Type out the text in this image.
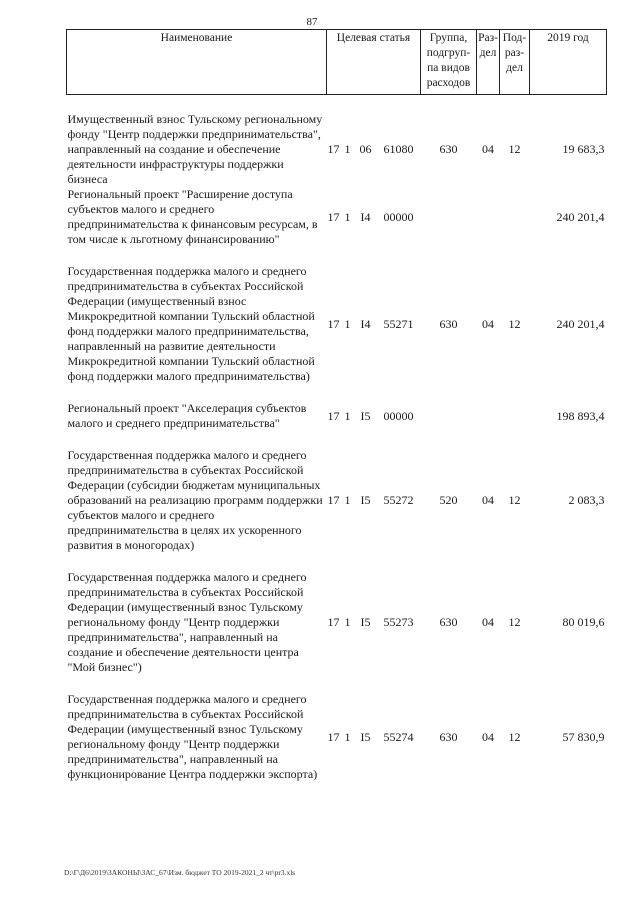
87
Наименование	Целевая статья				Группа, подгруп- па видов расходов	Раз- дел	Под- раз- дел	2019 год

Имущественный взнос Тульскому региональному фонду "Центр поддержки предпринимательства", направленный на создание и обеспечение деятельности инфраструктуры поддержки бизнеса	17	1	06	61080	630	04	12	19 683,3
Региональный проект "Расширение доступа субъектов малого и среднего предпринимательства к финансовым ресурсам, в том числе к льготному финансированию"	17	1	I4	00000				240 201,4

Государственная поддержка малого и среднего предпринимательства в субъектах Российской Федерации (имущественный взнос Микрокредитной компании Тульский областной фонд поддержки малого предпринимательства, направленный на развитие деятельности Микрокредитной компании Тульский областной фонд поддержки малого предпринимательства)	17	1	I4	55271	630	04	12	240 201,4

Региональный проект "Акселерация субъектов малого и среднего предпринимательства"	17	1	I5	00000				198 893,4

Государственная поддержка малого и среднего предпринимательства в субъектах Российской Федерации (субсидии бюджетам муниципальных образований на реализацию программ поддержки субъектов малого и среднего предпринимательства в целях их ускоренного развития в моногородах)	17	1	I5	55272	520	04	12	2 083,3

Государственная поддержка малого и среднего предпринимательства в субъектах Российской Федерации (имущественный взнос Тульскому региональному фонду "Центр поддержки предпринимательства", направленный на создание и обеспечение деятельности центра "Мой бизнес")	17	1	I5	55273	630	04	12	80 019,6

Государственная поддержка малого и среднего предпринимательства в субъектах Российской Федерации (имущественный взнос Тульскому региональному фонду "Центр поддержки предпринимательства", направленный на функционирование Центра поддержки экспорта)	17	1	I5	55274	630	04	12	57 830,9
D:\Г\Д6\2019\ЗАКОНЫ\ЗАС_67\Изм. бюджет ТО 2019-2021_2 чт\pr3.xls
